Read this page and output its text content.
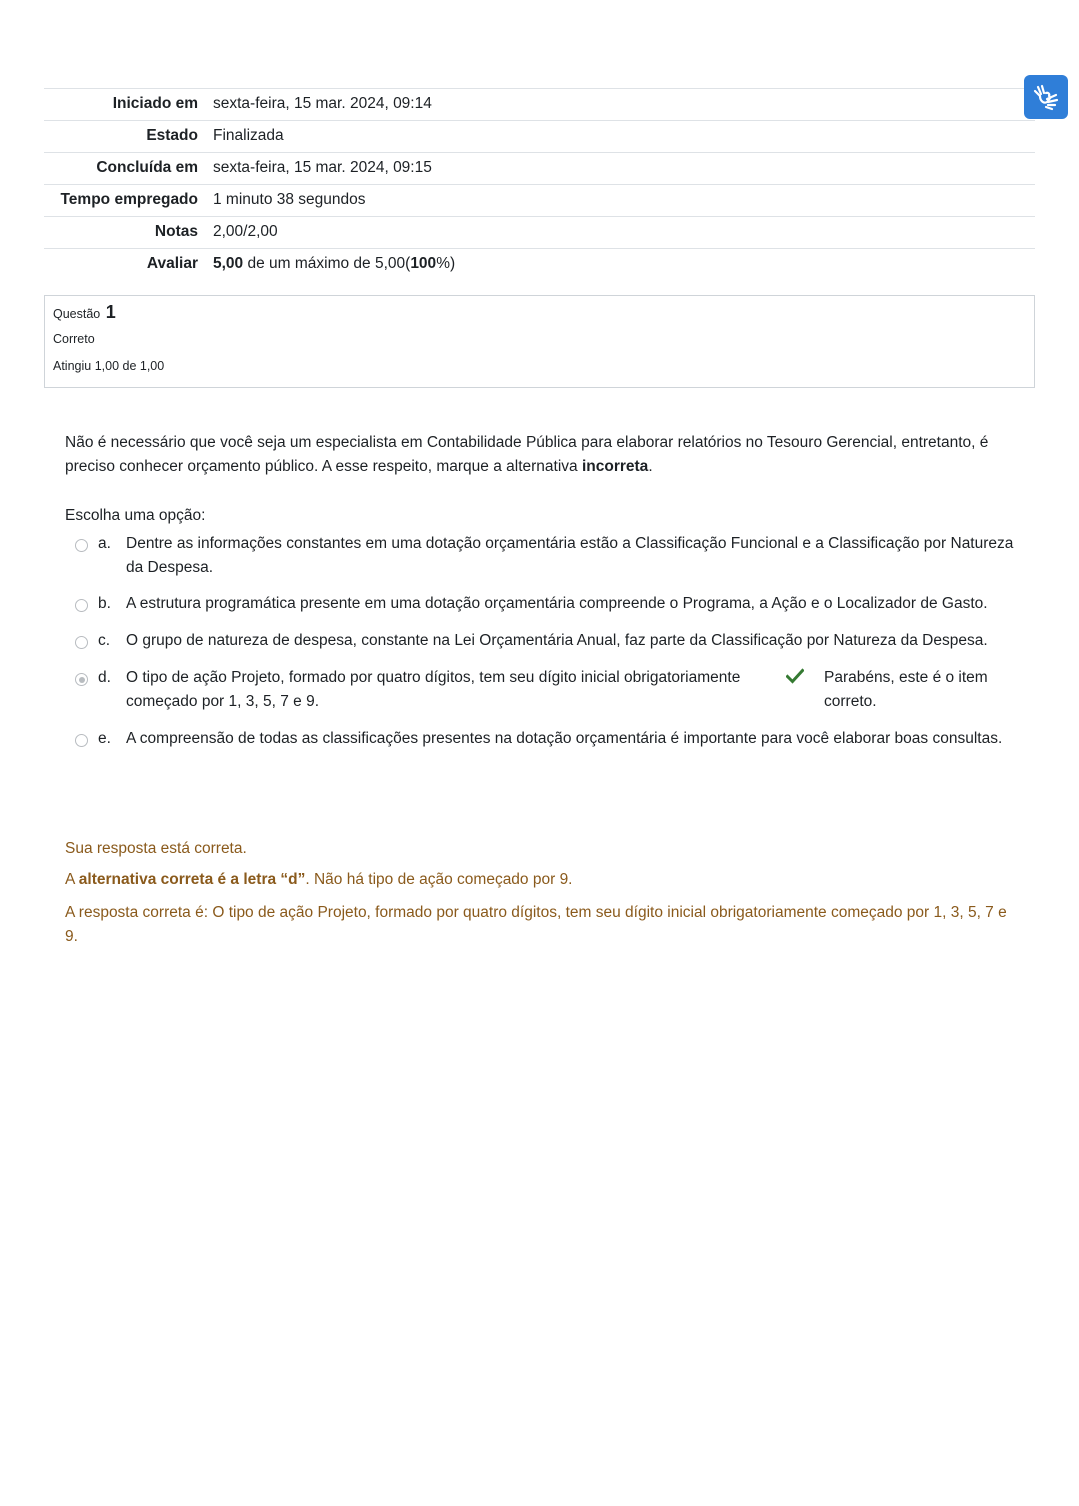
Iniciado em sexta-feira, 15 mar. 2024, 09:14
Estado Finalizada
Concluída em sexta-feira, 15 mar. 2024, 09:15
Tempo empregado 1 minuto 38 segundos
Notas 2,00/2,00
Avaliar 5,00 de um máximo de 5,00(100%)
Questão 1
Correto
Atingiu 1,00 de 1,00
Não é necessário que você seja um especialista em Contabilidade Pública para elaborar relatórios no Tesouro Gerencial, entretanto, é preciso conhecer orçamento público. A esse respeito, marque a alternativa incorreta.
Escolha uma opção:
a. Dentre as informações constantes em uma dotação orçamentária estão a Classificação Funcional e a Classificação por Natureza da Despesa.
b. A estrutura programática presente em uma dotação orçamentária compreende o Programa, a Ação e o Localizador de Gasto.
c.	O grupo de natureza de despesa, constante na Lei Orçamentária Anual, faz parte da Classificação por Natureza da Despesa.
d. O tipo de ação Projeto, formado por quatro dígitos, tem seu dígito inicial obrigatoriamente começado por 1, 3, 5, 7 e 9.
Parabéns, este é o item correto.
e. A compreensão de todas as classificações presentes na dotação orçamentária é importante para você elaborar boas consultas.
Sua resposta está correta.
A alternativa correta é a letra “d”. Não há tipo de ação começado por 9.
A resposta correta é: O tipo de ação Projeto, formado por quatro dígitos, tem seu dígito inicial obrigatoriamente começado por 1, 3, 5, 7 e 9.
